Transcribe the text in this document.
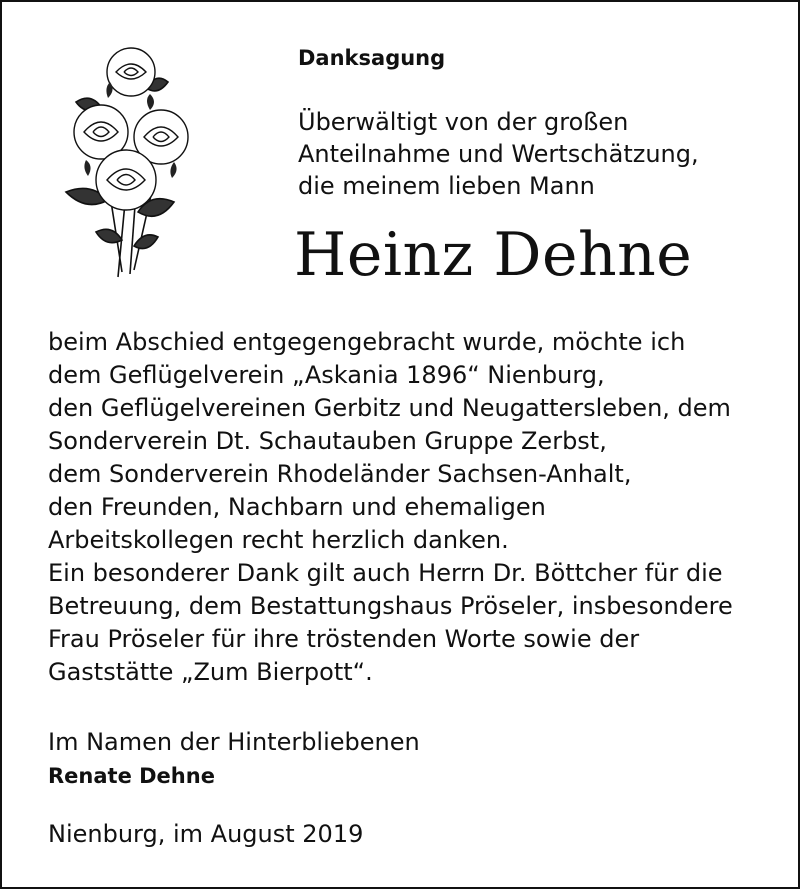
Danksagung
Überwältigt von der großen
Anteilnahme und Wertschätzung,
die meinem lieben Mann
Heinz Dehne
beim Abschied entgegengebracht wurde, möchte ich
dem Geflügelverein „Askania 1896“ Nienburg,
den Geflügelvereinen Gerbitz und Neugattersleben, dem
Sonderverein Dt. Schautauben Gruppe Zerbst,
dem Sonderverein Rhodeländer Sachsen-Anhalt,
den Freunden, Nachbarn und ehemaligen
Arbeitskollegen recht herzlich danken.
Ein besonderer Dank gilt auch Herrn Dr. Böttcher für die
Betreuung, dem Bestattungshaus Pröseler, insbesondere
Frau Pröseler für ihre tröstenden Worte sowie der
Gaststätte „Zum Bierpott“.
Im Namen der Hinterbliebenen
Renate Dehne
Nienburg, im August 2019
